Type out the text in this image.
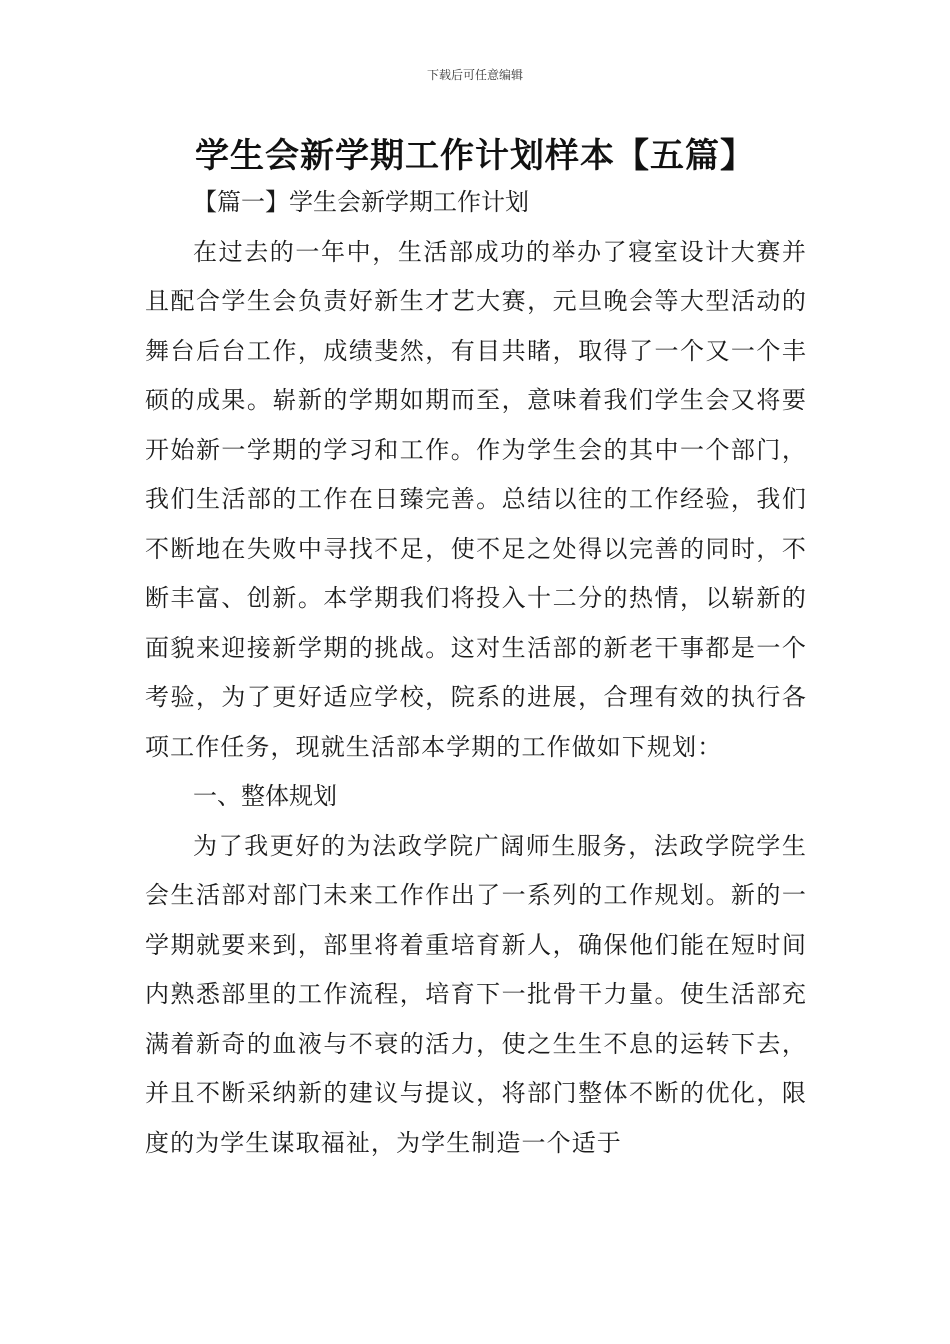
下载后可任意编辑
学生会新学期工作计划样本【五篇】

【篇一】学生会新学期工作计划

在过去的一年中，生活部成功的举办了寝室设计大赛并且配合学生会负责好新生才艺大赛，元旦晚会等大型活动的舞台后台工作，成绩斐然，有目共睹，取得了一个又一个丰硕的成果。崭新的学期如期而至，意味着我们学生会又将要开始新一学期的学习和工作。作为学生会的其中一个部门，我们生活部的工作在日臻完善。总结以往的工作经验，我们不断地在失败中寻找不足，使不足之处得以完善的同时，不断丰富、创新。本学期我们将投入十二分的热情，以崭新的面貌来迎接新学期的挑战。这对生活部的新老干事都是一个考验，为了更好适应学校，院系的进展，合理有效的执行各项工作任务，现就生活部本学期的工作做如下规划：

一、整体规划

为了我更好的为法政学院广阔师生服务，法政学院学生会生活部对部门未来工作作出了一系列的工作规划。新的一学期就要来到，部里将着重培育新人，确保他们能在短时间内熟悉部里的工作流程，培育下一批骨干力量。使生活部充满着新奇的血液与不衰的活力，使之生生不息的运转下去，并且不断采纳新的建议与提议，将部门整体不断的优化，限度的为学生谋取福祉，为学生制造一个适于
